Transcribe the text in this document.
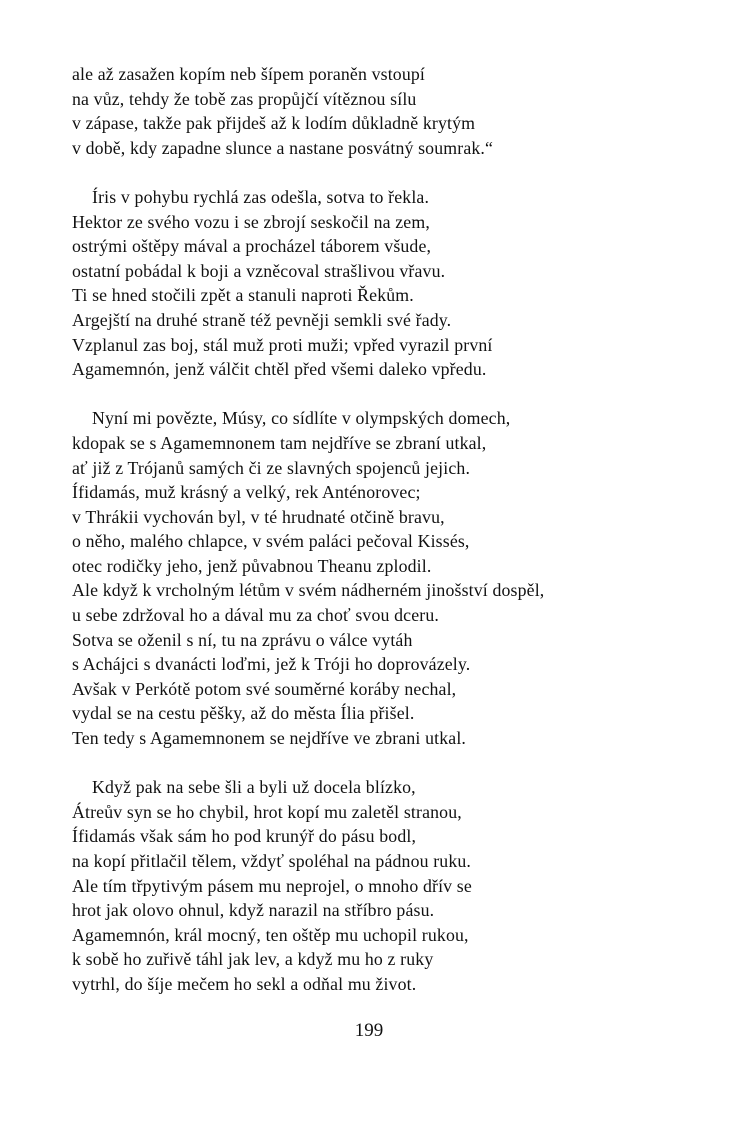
ale až zasažen kopím neb šípem poraněn vstoupí
na vůz, tehdy že tobě zas propůjčí vítěznou sílu
v zápase, takže pak přijdeš až k lodím důkladně krytým
v době, kdy zapadne slunce a nastane posvátný soumrak.“
Íris v pohybu rychlá zas odešla, sotva to řekla.
Hektor ze svého vozu i se zbrojí seskočil na zem,
ostrými oštěpy mával a procházel táborem všude,
ostatní pobádal k boji a vzněcoval strašlivou vřavu.
Ti se hned stočili zpět a stanuli naproti Řekům.
Argejští na druhé straně též pevněji semkli své řady.
Vzplanul zas boj, stál muž proti muži; vpřed vyrazil první
Agamemnón, jenž válčit chtěl před všemi daleko vpředu.
Nyní mi povězte, Músy, co sídlíte v olympských domech,
kdopak se s Agamemnonem tam nejdříve se zbraní utkal,
ať již z Trójanů samých či ze slavných spojenců jejich.
Ífidamás, muž krásný a velký, rek Anténorovec;
v Thrákii vychován byl, v té hrudnaté otčině bravu,
o něho, malého chlapce, v svém paláci pečoval Kissés,
otec rodičky jeho, jenž půvabnou Theanu zplodil.
Ale když k vrcholným létům v svém nádherném jinošství dospěl,
u sebe zdržoval ho a dával mu za choť svou dceru.
Sotva se oženil s ní, tu na zprávu o válce vytáh
s Achájci s dvanácti loďmi, jež k Tróji ho doprovázely.
Avšak v Perkótě potom své souměrné koráby nechal,
vydal se na cestu pěšky, až do města Ília přišel.
Ten tedy s Agamemnonem se nejdříve ve zbrani utkal.
Když pak na sebe šli a byli už docela blízko,
Átreův syn se ho chybil, hrot kopí mu zaletěl stranou,
Ífidamás však sám ho pod krunýř do pásu bodl,
na kopí přitlačil tělem, vždyť spoléhal na pádnou ruku.
Ale tím třpytivým pásem mu neprojel, o mnoho dřív se
hrot jak olovo ohnul, když narazil na stříbro pásu.
Agamemnón, král mocný, ten oštěp mu uchopil rukou,
k sobě ho zuřivě táhl jak lev, a když mu ho z ruky
vytrhl, do šíje mečem ho sekl a odňal mu život.
199
